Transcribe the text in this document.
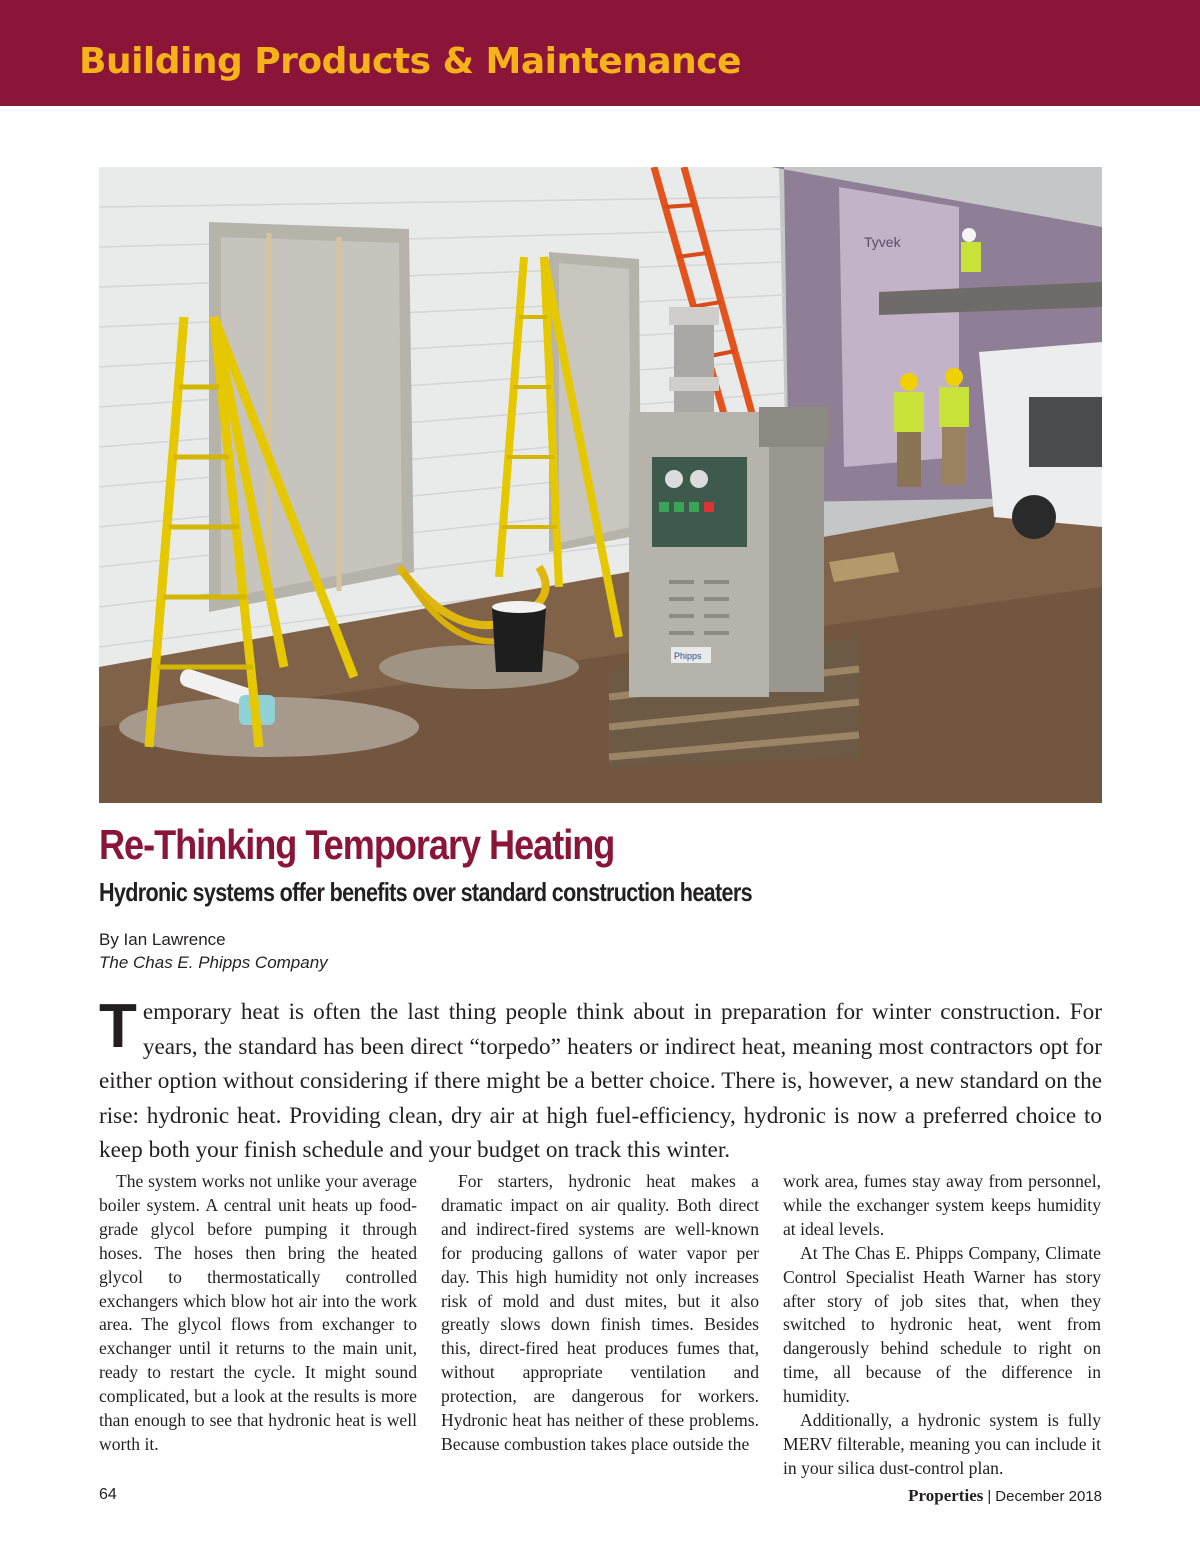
Building Products & Maintenance
Tyvek
Phipps
Re-Thinking Temporary Heating
Hydronic systems offer benefits over standard construction heaters
By Ian Lawrence
The Chas E. Phipps Company
Temporary heat is often the last thing people think about in preparation for winter construction. For years, the standard has been direct “torpedo” heaters or indirect heat, meaning most contractors opt for either option without considering if there might be a better choice. There is, however, a new standard on the rise: hydronic heat. Providing clean, dry air at high fuel-efficiency, hydronic is now a preferred choice to keep both your finish schedule and your budget on track this winter.

The system works not unlike your average boiler system. A central unit heats up food-grade glycol before pumping it through hoses. The hoses then bring the heated glycol to thermostatically controlled exchangers which blow hot air into the work area. The glycol flows from exchanger to exchanger until it returns to the main unit, ready to restart the cycle. It might sound complicated, but a look at the results is more than enough to see that hydronic heat is well worth it.

For starters, hydronic heat makes a dramatic impact on air quality. Both direct and indirect-fired systems are well-known for producing gallons of water vapor per day. This high humidity not only increases risk of mold and dust mites, but it also greatly slows down finish times. Besides this, direct-fired heat produces fumes that, without appropriate ventilation and protection, are dangerous for workers. Hydronic heat has neither of these problems. Because combustion takes place outside the

work area, fumes stay away from personnel, while the exchanger system keeps humidity at ideal levels.

At The Chas E. Phipps Company, Climate Control Specialist Heath Warner has story after story of job sites that, when they switched to hydronic heat, went from dangerously behind schedule to right on time, all because of the difference in humidity.

Additionally, a hydronic system is fully MERV filterable, meaning you can include it in your silica dust-control plan.

64	Properties | December 2018
